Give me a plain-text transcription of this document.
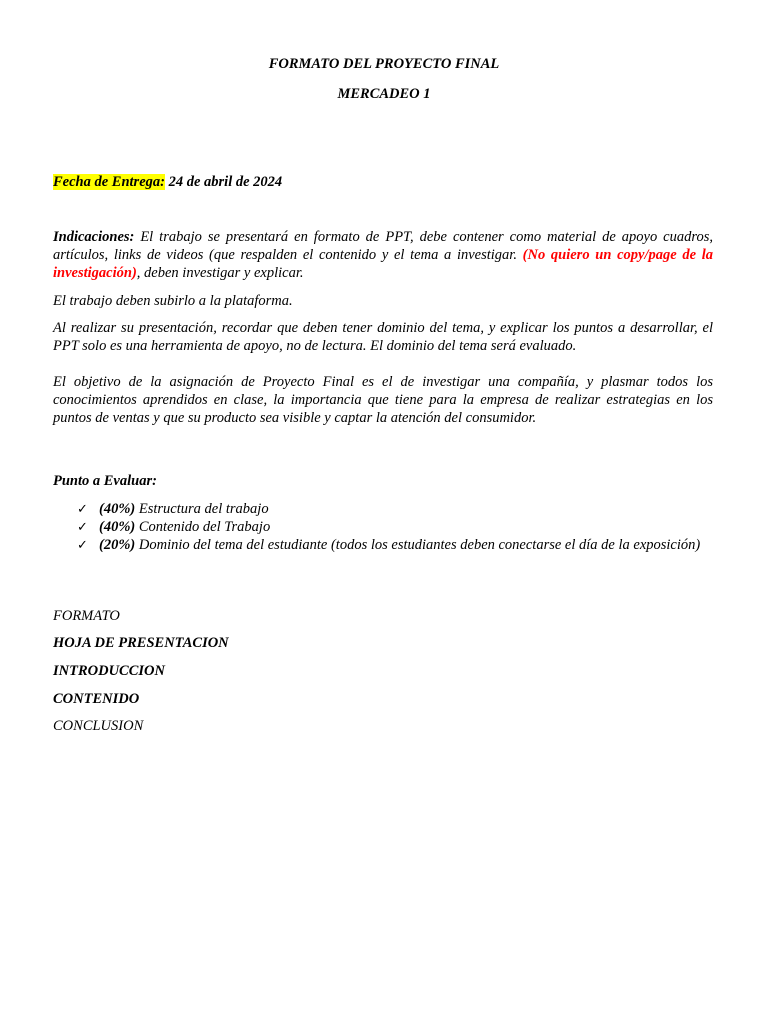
FORMATO DEL PROYECTO FINAL
MERCADEO 1
Fecha de Entrega: 24 de abril de 2024
Indicaciones: El trabajo se presentará en formato de PPT, debe contener como material de apoyo cuadros, artículos, links de videos (que respalden el contenido y el tema a investigar. (No quiero un copy/page de la investigación), deben investigar y explicar.
El trabajo deben subirlo a la plataforma.
Al realizar su presentación, recordar que deben tener dominio del tema, y explicar los puntos a desarrollar, el PPT solo es una herramienta de apoyo, no de lectura. El dominio del tema será evaluado.
El objetivo de la asignación de Proyecto Final es el de investigar una compañía, y plasmar todos los conocimientos aprendidos en clase, la importancia que tiene para la empresa de realizar estrategias en los puntos de ventas y que su producto sea visible y captar la atención del consumidor.
Punto a Evaluar:
✓ (40%) Estructura del trabajo
✓ (40%) Contenido del Trabajo
✓ (20%) Dominio del tema del estudiante (todos los estudiantes deben conectarse el día de la exposición)
FORMATO
HOJA DE PRESENTACION
INTRODUCCION
CONTENIDO
CONCLUSION
